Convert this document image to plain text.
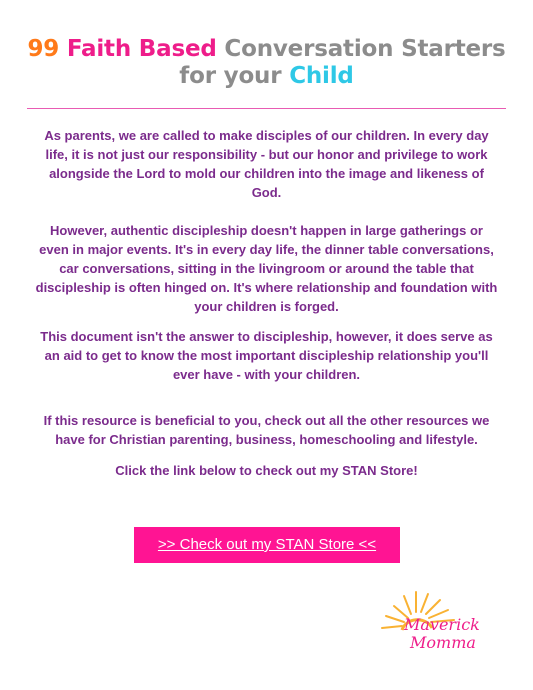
99 Faith Based Conversation Starters
for your Child
As parents, we are called to make disciples of our children. In every day life, it is not just our responsibility - but our honor and privilege to work alongside the Lord to mold our children into the image and likeness of God.
However, authentic discipleship doesn't happen in large gatherings or even in major events. It's in every day life, the dinner table conversations, car conversations, sitting in the livingroom or around the table that discipleship is often hinged on. It's where relationship and foundation with your children is forged.
This document isn't the answer to discipleship, however, it does serve as an aid to get to know the most important discipleship relationship you'll ever have - with your children.
If this resource is beneficial to you, check out all the other resources we have for Christian parenting, business, homeschooling and lifestyle.
Click the link below to check out my STAN Store!
>> Check out my STAN Store <<
Maverick
Momma
